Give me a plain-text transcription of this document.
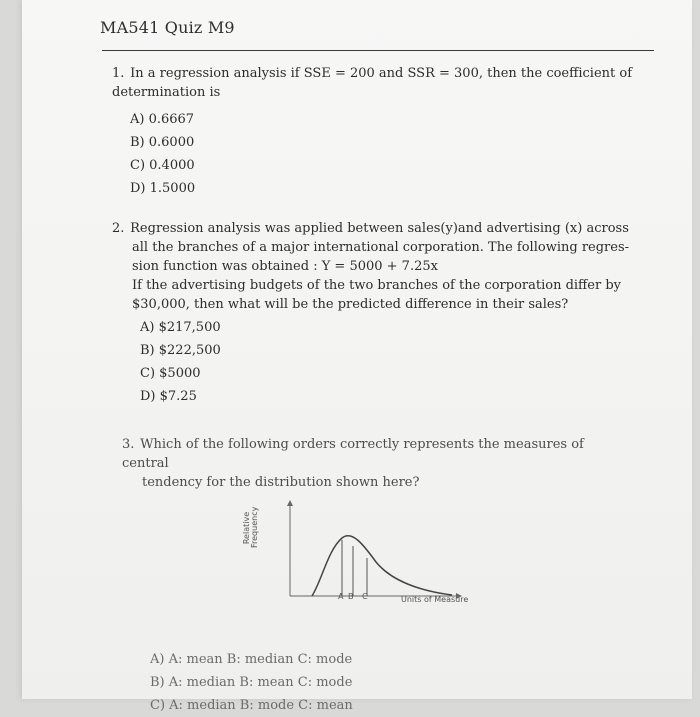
MA541 Quiz M9

1. In a regression analysis if SSE = 200 and SSR = 300, then the coefficient of determination is

A) 0.6667
B) 0.6000
C) 0.4000
D) 1.5000
2. Regression analysis was applied between sales(y)and advertising (x) across
all the branches of a major international corporation. The following regres-
sion function was obtained : Y = 5000 + 7.25x
If the advertising budgets of the two branches of the corporation differ by
$30,000, then what will be the predicted difference in their sales?
A) $217,500
B) $222,500
C) $5000
D) $7.25
3. Which of the following orders correctly represents the measures of central
tendency for the distribution shown here?
A) A: mean B: median C: mode
B) A: median B: mean C: mode
C) A: median B: mode C: mean
Relative Frequency
Units of Measure
A B C
